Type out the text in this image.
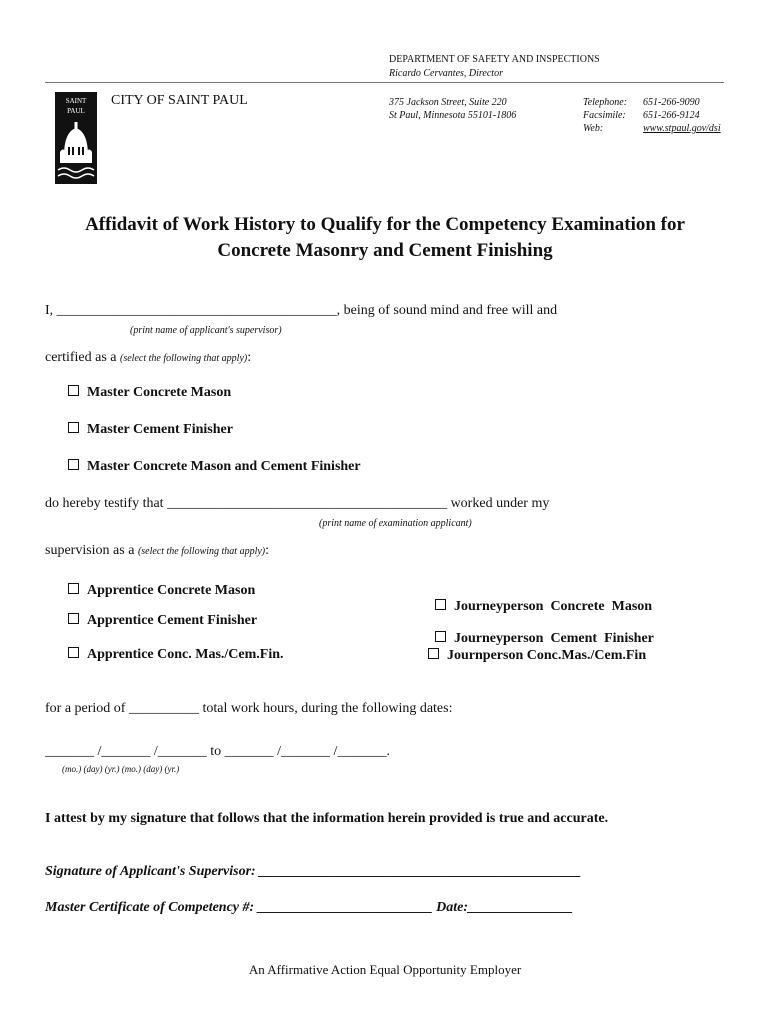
DEPARTMENT OF SAFETY AND INSPECTIONS
Ricardo Cervantes, Director
SAINT
PAUL
CITY OF SAINT PAUL	375 Jackson Street, Suite 220
St Paul, Minnesota 55101-1806
Telephone: 651-266-9090
Facsimile: 651-266-9124
Web:	www.stpaul.gov/dsi
Affidavit of Work History to Qualify for the Competency Examination for
Concrete Masonry and Cement Finishing
I, ________________________________________, being of sound mind and free will and
(print name of applicant's supervisor)
certified as a (select the following that apply):
Master Concrete Mason
Master Cement Finisher
Master Concrete Mason and Cement Finisher
do hereby testify that ________________________________________ worked under my
(print name of examination applicant)
supervision as a (select the following that apply):
Apprentice Concrete Mason
Apprentice Cement Finisher
Apprentice Conc. Mas./Cem.Fin.

Journeyperson  Concrete  Mason

Journeyperson  Cement  Finisher

Journperson Conc.Mas./Cem.Fin
for a period of __________ total work hours, during the following dates:
_______ /_______ /_______ to _______ /_______ /_______.
(mo.) (day) (yr.) (mo.) (day) (yr.)
I attest by my signature that follows that the information herein provided is true and accurate.
Signature of Applicant's Supervisor: ______________________________________________
Master Certificate of Competency #: _________________________ Date:_______________
An Affirmative Action Equal Opportunity Employer
